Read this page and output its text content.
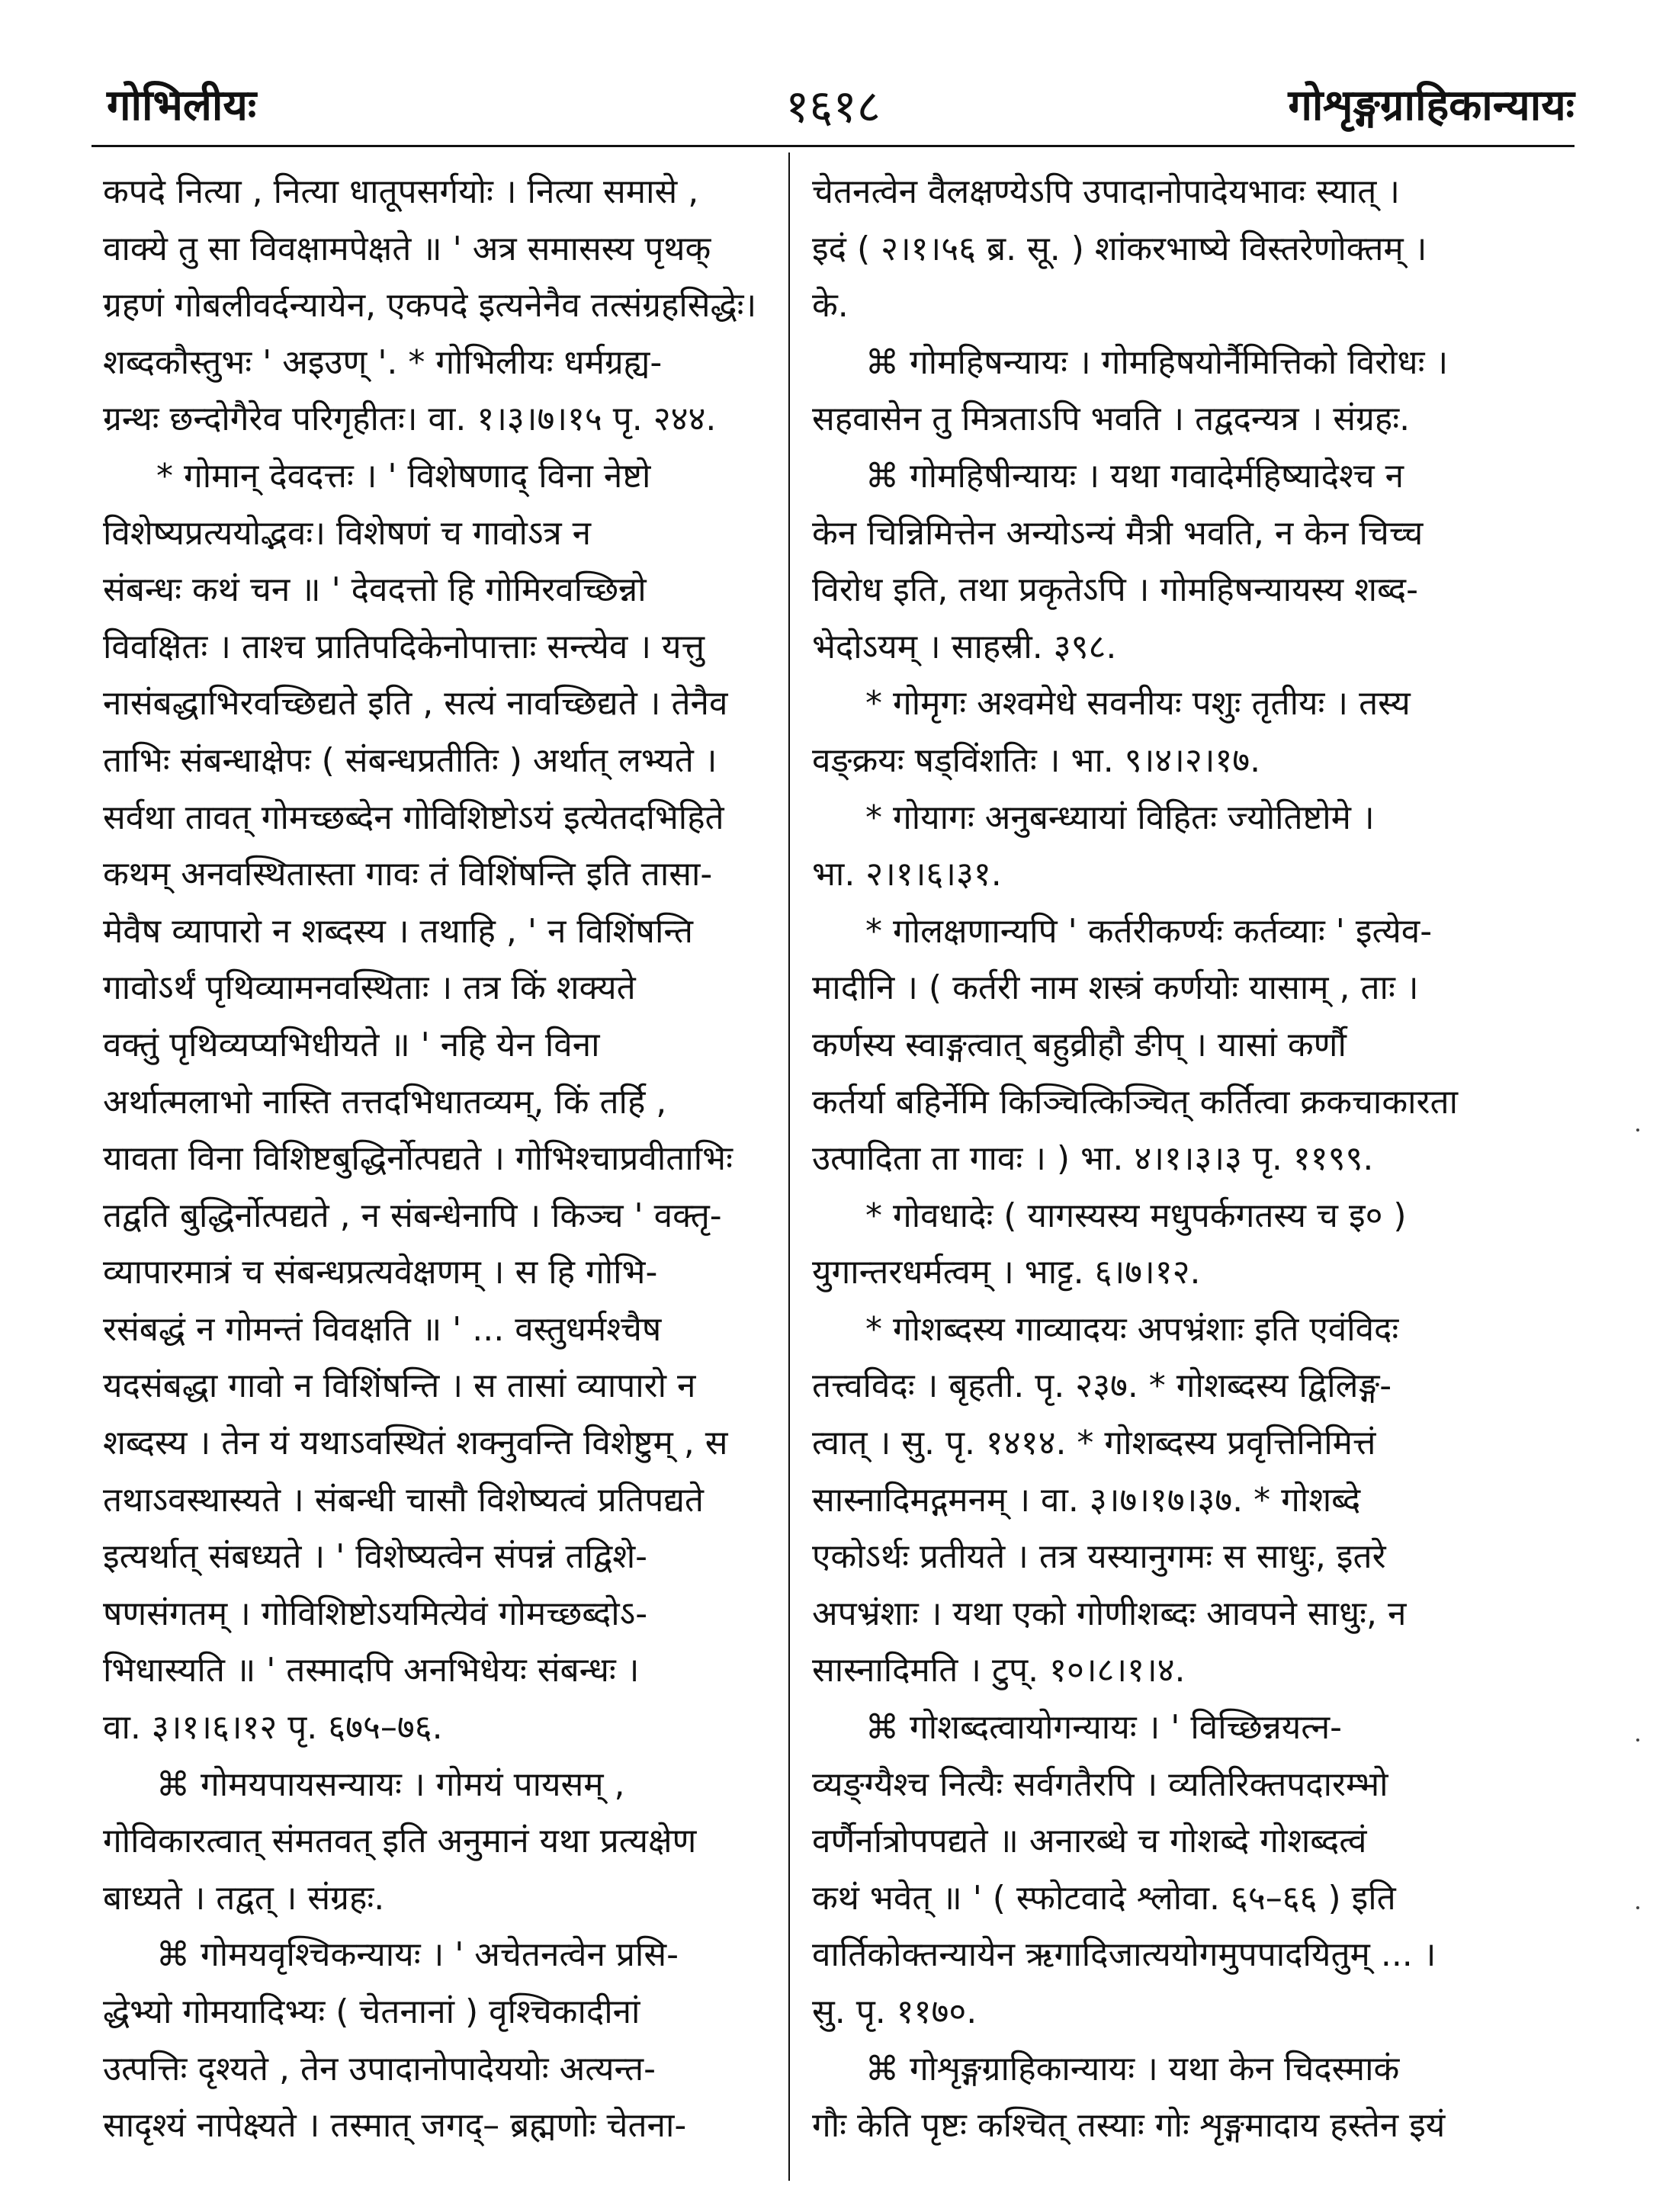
गोभिलीयः	१६१८	गोशृङ्गग्राहिकान्यायः
कपदे नित्या , नित्या धातूपसर्गयोः । नित्या समासे ,
वाक्ये तु सा विवक्षामपेक्षते ॥ ' अत्र समासस्य पृथक्
ग्रहणं गोबलीवर्दन्यायेन, एकपदे इत्यनेनैव तत्संग्रहसिद्धेः।
शब्दकौस्तुभः ' अइउण् '. * गोभिलीयः धर्मग्रह्य-
ग्रन्थः छन्दोगैरेव परिगृहीतः। वा. १।३।७।१५ पृ. २४४.
* गोमान् देवदत्तः । ' विशेषणाद् विना नेष्टो
विशेष्यप्रत्ययोद्भवः। विशेषणं च गावोऽत्र न
संबन्धः कथं चन ॥ ' देवदत्तो हि गोमिरवच्छिन्नो
विवक्षितः । ताश्च प्रातिपदिकेनोपात्ताः सन्त्येव । यत्तु
नासंबद्धाभिरवच्छिद्यते इति , सत्यं नावच्छिद्यते । तेनैव
ताभिः संबन्धाक्षेपः ( संबन्धप्रतीतिः ) अर्थात् लभ्यते ।
सर्वथा तावत् गोमच्छब्देन गोविशिष्टोऽयं इत्येतदभिहिते
कथम् अनवस्थितास्ता गावः तं विशिंषन्ति इति तासा-
मेवैष व्यापारो न शब्दस्य । तथाहि , ' न विशिंषन्ति
गावोऽर्थं पृथिव्यामनवस्थिताः । तत्र किं शक्यते
वक्तुं पृथिव्यप्यभिधीयते ॥ ' नहि येन विना
अर्थात्मलाभो नास्ति तत्तदभिधातव्यम्, किं तर्हि ,
यावता विना विशिष्टबुद्धिर्नोत्पद्यते । गोभिश्चाप्रवीताभिः
तद्वति बुद्धिर्नोत्पद्यते , न संबन्धेनापि । किञ्च ' वक्तृ-
व्यापारमात्रं च संबन्धप्रत्यवेक्षणम् । स हि गोभि-
रसंबद्धं न गोमन्तं विवक्षति ॥ ' ... वस्तुधर्मश्चैष
यदसंबद्धा गावो न विशिंषन्ति । स तासां व्यापारो न
शब्दस्य । तेन यं यथाऽवस्थितं शक्नुवन्ति विशेष्टुम् , स
तथाऽवस्थास्यते । संबन्धी चासौ विशेष्यत्वं प्रतिपद्यते
इत्यर्थात् संबध्यते । ' विशेष्यत्वेन संपन्नं तद्विशे-
षणसंगतम् । गोविशिष्टोऽयमित्येवं गोमच्छब्दोऽ-
भिधास्यति ॥ ' तस्मादपि अनभिधेयः संबन्धः ।
वा. ३।१।६।१२ पृ. ६७५–७६.
⌘ गोमयपायसन्यायः । गोमयं पायसम् ,
गोविकारत्वात् संमतवत् इति अनुमानं यथा प्रत्यक्षेण
बाध्यते । तद्वत् । संग्रहः.
⌘ गोमयवृश्चिकन्यायः । ' अचेतनत्वेन प्रसि-
द्धेभ्यो गोमयादिभ्यः ( चेतनानां ) वृश्चिकादीनां
उत्पत्तिः दृश्यते , तेन उपादानोपादेययोः अत्यन्त-
सादृश्यं नापेक्ष्यते । तस्मात् जगद्– ब्रह्मणोः चेतना-
चेतनत्वेन वैलक्षण्येऽपि उपादानोपादेयभावः स्यात् ।
इदं ( २।१।५६ ब्र. सू. ) शांकरभाष्ये विस्तरेणोक्तम् ।
के.
⌘ गोमहिषन्यायः । गोमहिषयोर्नैमित्तिको विरोधः ।
सहवासेन तु मित्रताऽपि भवति । तद्वदन्यत्र । संग्रहः.
⌘ गोमहिषीन्यायः । यथा गवादेर्महिष्यादेश्च न
केन चिन्निमित्तेन अन्योऽन्यं मैत्री भवति, न केन चिच्च
विरोध इति, तथा प्रकृतेऽपि । गोमहिषन्यायस्य शब्द-
भेदोऽयम् । साहस्री. ३९८.
* गोमृगः अश्वमेधे सवनीयः पशुः तृतीयः । तस्य
वङ्क्रयः षड्विंशतिः । भा. ९।४।२।१७.
* गोयागः अनुबन्ध्यायां विहितः ज्योतिष्टोमे ।
भा. २।१।६।३१.
* गोलक्षणान्यपि ' कर्तरीकर्ण्यः कर्तव्याः ' इत्येव-
मादीनि । ( कर्तरी नाम शस्त्रं कर्णयोः यासाम् , ताः ।
कर्णस्य स्वाङ्गत्वात् बहुव्रीहौ ङीप् । यासां कर्णौ
कर्तर्या बहिर्नेमि किञ्चित्किञ्चित् कर्तित्वा क्रकचाकारता
उत्पादिता ता गावः । ) भा. ४।१।३।३ पृ. ११९९.
* गोवधादेः ( यागस्यस्य मधुपर्कगतस्य च इ० )
युगान्तरधर्मत्वम् । भाट्ट. ६।७।१२.
* गोशब्दस्य गाव्यादयः अपभ्रंशाः इति एवंविदः
तत्त्वविदः । बृहती. पृ. २३७. * गोशब्दस्य द्विलिङ्ग-
त्वात् । सु. पृ. १४१४. * गोशब्दस्य प्रवृत्तिनिमित्तं
सास्नादिमद्गमनम् । वा. ३।७।१७।३७. * गोशब्दे
एकोऽर्थः प्रतीयते । तत्र यस्यानुगमः स साधुः, इतरे
अपभ्रंशाः । यथा एको गोणीशब्दः आवपने साधुः, न
सास्नादिमति । टुप्. १०।८।१।४.
⌘ गोशब्दत्वायोगन्यायः । ' विच्छिन्नयत्न-
व्यङ्ग्यैश्च नित्यैः सर्वगतैरपि । व्यतिरिक्तपदारम्भो
वर्णैर्नात्रोपपद्यते ॥ अनारब्धे च गोशब्दे गोशब्दत्वं
कथं भवेत् ॥ ' ( स्फोटवादे श्लोवा. ६५–६६ ) इति
वार्तिकोक्तन्यायेन ऋगादिजात्ययोगमुपपादयितुम् ... ।
सु. पृ. ११७०.
⌘ गोशृङ्गग्राहिकान्यायः । यथा केन चिदस्माकं
गौः केति पृष्टः कश्चित् तस्याः गोः शृङ्गमादाय हस्तेन इयं
